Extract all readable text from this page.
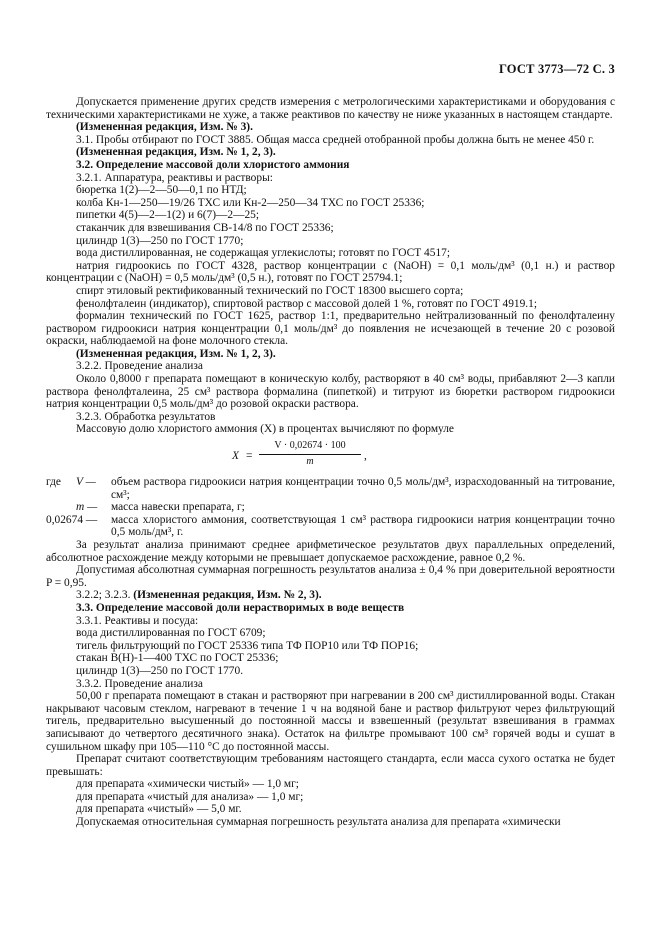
ГОСТ 3773—72 С. 3

Допускается применение других средств измерения с метрологическими характеристиками и оборудования с техническими характеристиками не хуже, а также реактивов по качеству не ниже указанных в настоящем стандарте.

(Измененная редакция, Изм. № 3).

3.1. Пробы отбирают по ГОСТ 3885. Общая масса средней отобранной пробы должна быть не менее 450 г.

(Измененная редакция, Изм. № 1, 2, 3).

3.2. Определение массовой доли хлористого аммония

3.2.1. Аппаратура, реактивы и растворы:

бюретка 1(2)—2—50—0,1 по НТД;

колба Кн-1—250—19/26 ТХС или Кн-2—250—34 ТХС по ГОСТ 25336;

пипетки 4(5)—2—1(2) и 6(7)—2—25;

стаканчик для взвешивания СВ-14/8 по ГОСТ 25336;

цилиндр 1(3)—250 по ГОСТ 1770;

вода дистиллированная, не содержащая углекислоты; готовят по ГОСТ 4517;

натрия гидроокись по ГОСТ 4328, раствор концентрации с (NaOH) = 0,1 моль/дм³ (0,1 н.) и раствор концентрации с (NaOH) = 0,5 моль/дм³ (0,5 н.), готовят по ГОСТ 25794.1;

спирт этиловый ректификованный технический по ГОСТ 18300 высшего сорта;

фенолфталеин (индикатор), спиртовой раствор с массовой долей 1 %, готовят по ГОСТ 4919.1;

формалин технический по ГОСТ 1625, раствор 1:1, предварительно нейтрализованный по фенолфталеину раствором гидроокиси натрия концентрации 0,1 моль/дм³ до появления не исчезающей в течение 20 с розовой окраски, наблюдаемой на фоне молочного стекла.

(Измененная редакция, Изм. № 1, 2, 3).

3.2.2. Проведение анализа

Около 0,8000 г препарата помещают в коническую колбу, растворяют в 40 см³ воды, прибавляют 2—3 капли раствора фенолфталеина, 25 см³ раствора формалина (пипеткой) и титруют из бюретки раствором гидроокиси натрия концентрации 0,5 моль/дм³ до розовой окраски раствора.

3.2.3. Обработка результатов

Массовую долю хлористого аммония (X) в процентах вычисляют по формуле

$X = \frac{V \cdot 0,02674 \cdot 100}{m}$ ,
где	V —	объем раствора гидроокиси натрия концентрации точно 0,5 моль/дм³, израсходованный на титрование, см³;
m —	масса навески препарата, г;
0,02674 —	масса хлористого аммония, соответствующая 1 см³ раствора гидроокиси натрия концентрации точно 0,5 моль/дм³, г.

За результат анализа принимают среднее арифметическое результатов двух параллельных определений, абсолютное расхождение между которыми не превышает допускаемое расхождение, равное 0,2 %.

Допустимая абсолютная суммарная погрешность результатов анализа ± 0,4 % при доверительной вероятности P = 0,95.

3.2.2; 3.2.3. (Измененная редакция, Изм. № 2, 3).

3.3. Определение массовой доли нерастворимых в воде веществ

3.3.1. Реактивы и посуда:

вода дистиллированная по ГОСТ 6709;

тигель фильтрующий по ГОСТ 25336 типа ТФ ПОР10 или ТФ ПОР16;

стакан В(Н)-1—400 ТХС по ГОСТ 25336;

цилиндр 1(3)—250 по ГОСТ 1770.

3.3.2. Проведение анализа

50,00 г препарата помещают в стакан и растворяют при нагревании в 200 см³ дистиллированной воды. Стакан накрывают часовым стеклом, нагревают в течение 1 ч на водяной бане и раствор фильтруют через фильтрующий тигель, предварительно высушенный до постоянной массы и взвешенный (результат взвешивания в граммах записывают до четвертого десятичного знака). Остаток на фильтре промывают 100 см³ горячей воды и сушат в сушильном шкафу при 105—110 °С до постоянной массы.

Препарат считают соответствующим требованиям настоящего стандарта, если масса сухого остатка не будет превышать:

для препарата «химически чистый» — 1,0 мг;

для препарата «чистый для анализа» — 1,0 мг;

для препарата «чистый» — 5,0 мг.

Допускаемая относительная суммарная погрешность результата анализа для препарата «химически
